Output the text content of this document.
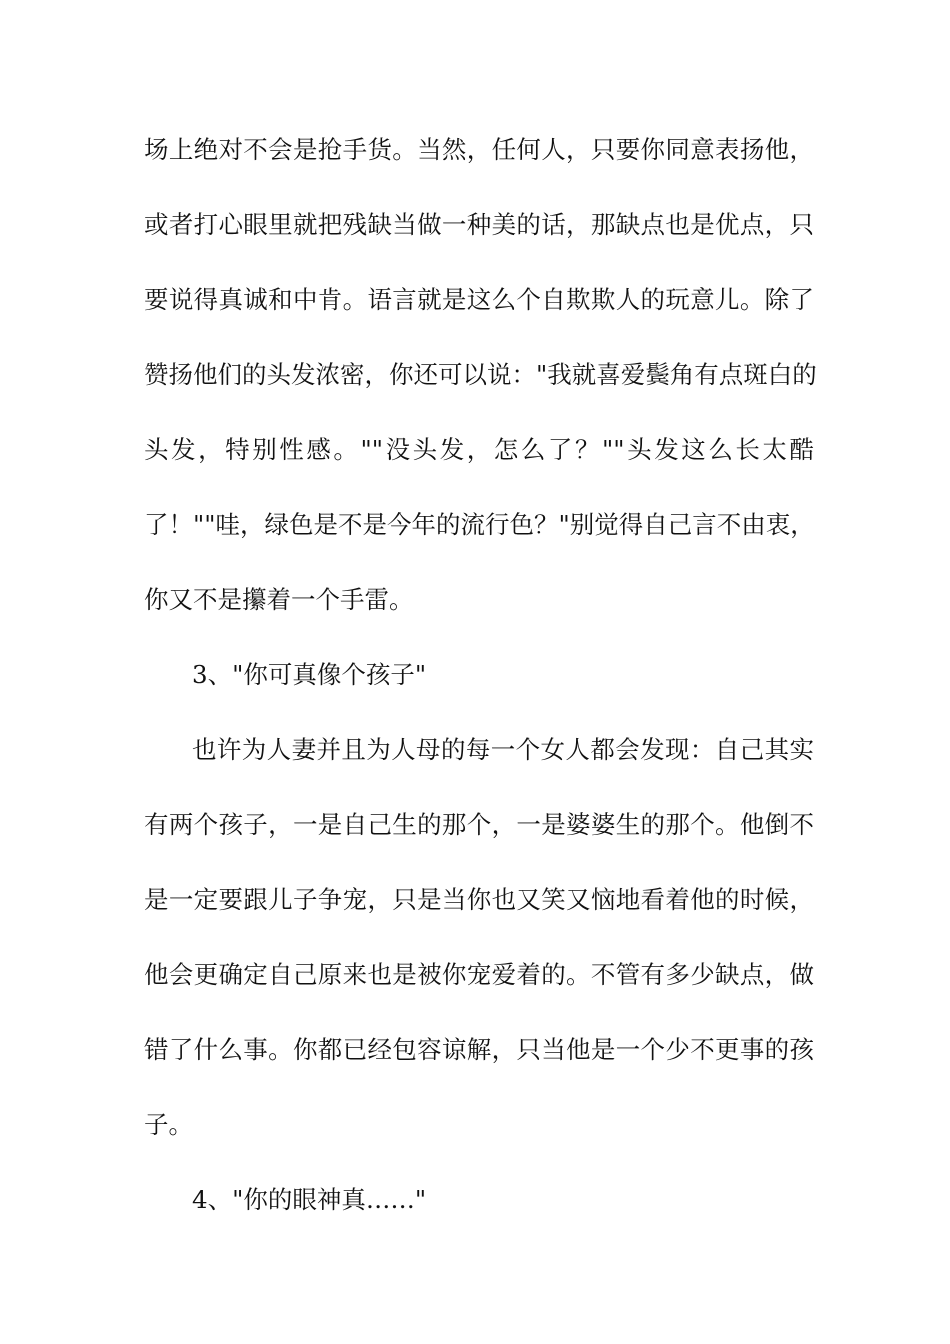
场上绝对不会是抢手货。当然，任何人，只要你同意表扬他，
或者打心眼里就把残缺当做一种美的话，那缺点也是优点，只
要说得真诚和中肯。语言就是这么个自欺欺人的玩意儿。除了
赞扬他们的头发浓密，你还可以说："我就喜爱鬓角有点斑白的
头发，特别性感。""没头发，怎么了？""头发这么长太酷
了！""哇，绿色是不是今年的流行色？"别觉得自己言不由衷，
你又不是攥着一个手雷。
3、"你可真像个孩子"
也许为人妻并且为人母的每一个女人都会发现：自己其实
有两个孩子，一是自己生的那个，一是婆婆生的那个。他倒不
是一定要跟儿子争宠，只是当你也又笑又恼地看着他的时候，
他会更确定自己原来也是被你宠爱着的。不管有多少缺点，做
错了什么事。你都已经包容谅解，只当他是一个少不更事的孩
子。
4、"你的眼神真……"
